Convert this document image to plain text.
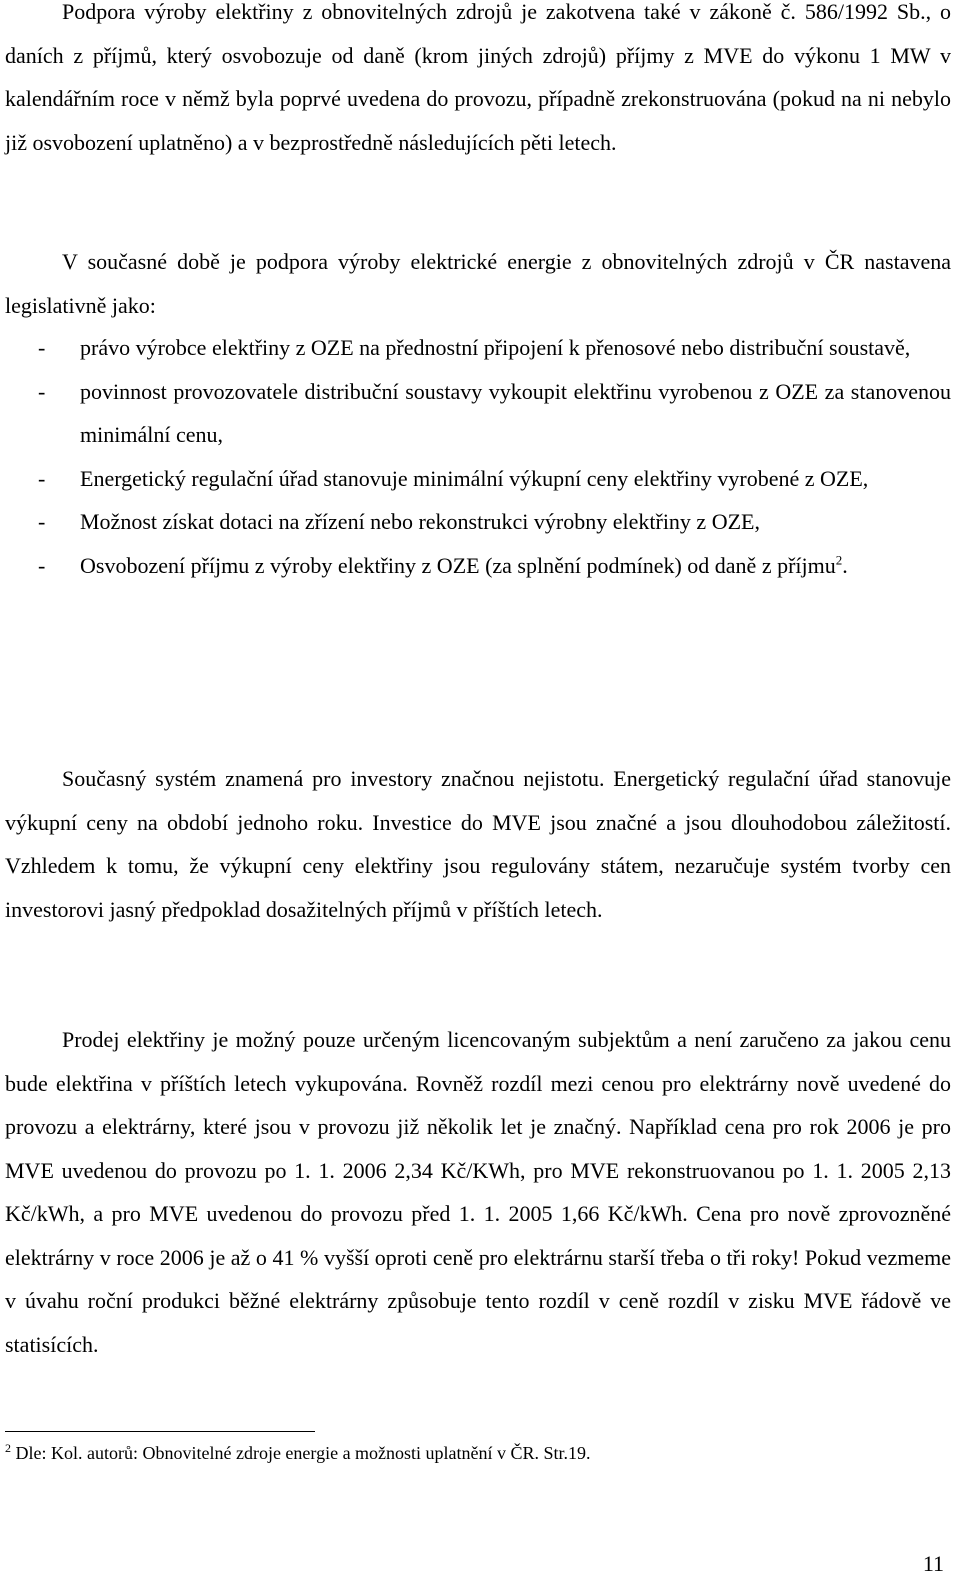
Podpora výroby elektřiny z obnovitelných zdrojů je zakotvena také v zákoně č. 586/1992 Sb., o daních z příjmů, který osvobozuje od daně (krom jiných zdrojů) příjmy z MVE do výkonu 1 MW v kalendářním roce v němž byla poprvé uvedena do provozu, případně zrekonstruována (pokud na ni nebylo již osvobození uplatněno) a v bezprostředně následujících pěti letech.

V současné době je podpora výroby elektrické energie z obnovitelných zdrojů v ČR nastavena legislativně jako:

- právo výrobce elektřiny z OZE na přednostní připojení k přenosové nebo distribuční soustavě,
- povinnost provozovatele distribuční soustavy vykoupit elektřinu vyrobenou z OZE za stanovenou minimální cenu,
- Energetický regulační úřad stanovuje minimální výkupní ceny elektřiny vyrobené z OZE,
- Možnost získat dotaci na zřízení nebo rekonstrukci výrobny elektřiny z OZE,
- Osvobození příjmu z výroby elektřiny z OZE (za splnění podmínek) od daně z příjmu$^2$.

Současný systém znamená pro investory značnou nejistotu. Energetický regulační úřad stanovuje výkupní ceny na období jednoho roku. Investice do MVE jsou značné a jsou dlouhodobou záležitostí. Vzhledem k tomu, že výkupní ceny elektřiny jsou regulovány státem, nezaručuje systém tvorby cen investorovi jasný předpoklad dosažitelných příjmů v příštích letech.

Prodej elektřiny je možný pouze určeným licencovaným subjektům a není zaručeno za jakou cenu bude elektřina v příštích letech vykupována. Rovněž rozdíl mezi cenou pro elektrárny nově uvedené do provozu a elektrárny, které jsou v provozu již několik let je značný. Například cena pro rok 2006 je pro MVE uvedenou do provozu po 1. 1. 2006 2,34 Kč/KWh, pro MVE rekonstruovanou po 1. 1. 2005 2,13 Kč/kWh, a pro MVE uvedenou do provozu před 1. 1. 2005 1,66 Kč/kWh. Cena pro nově zprovozněné elektrárny v roce 2006 je až o 41 % vyšší oproti ceně pro elektrárnu starší třeba o tři roky! Pokud vezmeme v úvahu roční produkci běžné elektrárny způsobuje tento rozdíl v ceně rozdíl v zisku MVE řádově ve statisících.

$^2$ Dle: Kol. autorů: Obnovitelné zdroje energie a možnosti uplatnění v ČR. Str.19.
11
